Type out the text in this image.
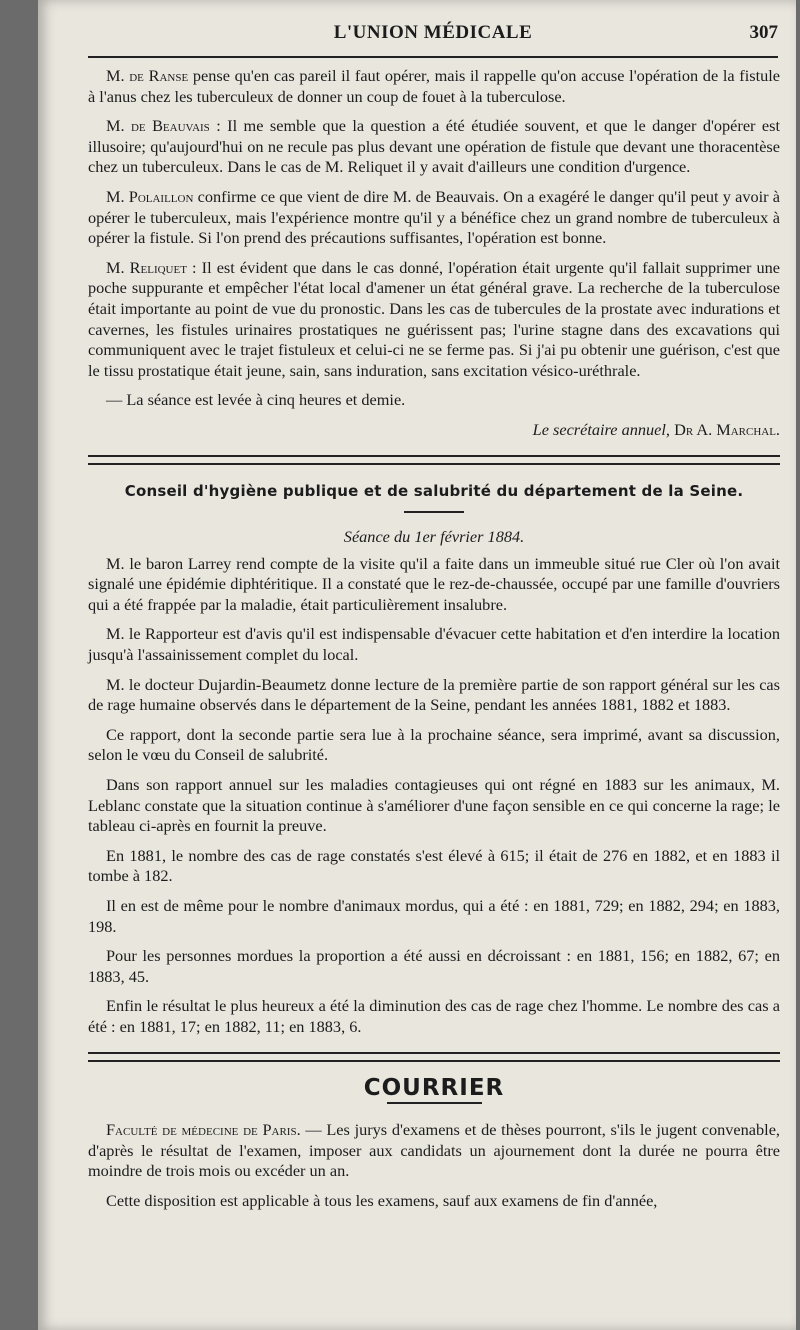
L'UNION MÉDICALE	307

M. de Ranse pense qu'en cas pareil il faut opérer, mais il rappelle qu'on accuse l'opération de la fistule à l'anus chez les tuberculeux de donner un coup de fouet à la tuberculose.

M. de Beauvais : Il me semble que la question a été étudiée souvent, et que le danger d'opérer est illusoire; qu'aujourd'hui on ne recule pas plus devant une opération de fistule que devant une thoracentèse chez un tuberculeux. Dans le cas de M. Reliquet il y avait d'ailleurs une condition d'urgence.

M. Polaillon confirme ce que vient de dire M. de Beauvais. On a exagéré le danger qu'il peut y avoir à opérer le tuberculeux, mais l'expérience montre qu'il y a bénéfice chez un grand nombre de tuberculeux à opérer la fistule. Si l'on prend des précautions suffisantes, l'opération est bonne.

M. Reliquet : Il est évident que dans le cas donné, l'opération était urgente qu'il fallait supprimer une poche suppurante et empêcher l'état local d'amener un état général grave. La recherche de la tuberculose était importante au point de vue du pronostic. Dans les cas de tubercules de la prostate avec indurations et cavernes, les fistules urinaires prostatiques ne guérissent pas; l'urine stagne dans des excavations qui communiquent avec le trajet fistuleux et celui-ci ne se ferme pas. Si j'ai pu obtenir une guérison, c'est que le tissu prostatique était jeune, sain, sans induration, sans excitation vésico-uréthrale.

— La séance est levée à cinq heures et demie.

Le secrétaire annuel, Dr A. Marchal.

Conseil d'hygiène publique et de salubrité du département de la Seine.
Séance du 1er février 1884.

M. le baron Larrey rend compte de la visite qu'il a faite dans un immeuble situé rue Cler où l'on avait signalé une épidémie diphtéritique. Il a constaté que le rez-de-chaussée, occupé par une famille d'ouvriers qui a été frappée par la maladie, était particulièrement insalubre.

M. le Rapporteur est d'avis qu'il est indispensable d'évacuer cette habitation et d'en interdire la location jusqu'à l'assainissement complet du local.

M. le docteur Dujardin-Beaumetz donne lecture de la première partie de son rapport général sur les cas de rage humaine observés dans le département de la Seine, pendant les années 1881, 1882 et 1883.

Ce rapport, dont la seconde partie sera lue à la prochaine séance, sera imprimé, avant sa discussion, selon le vœu du Conseil de salubrité.

Dans son rapport annuel sur les maladies contagieuses qui ont régné en 1883 sur les animaux, M. Leblanc constate que la situation continue à s'améliorer d'une façon sensible en ce qui concerne la rage; le tableau ci-après en fournit la preuve.

En 1881, le nombre des cas de rage constatés s'est élevé à 615; il était de 276 en 1882, et en 1883 il tombe à 182.

Il en est de même pour le nombre d'animaux mordus, qui a été : en 1881, 729; en 1882, 294; en 1883, 198.

Pour les personnes mordues la proportion a été aussi en décroissant : en 1881, 156; en 1882, 67; en 1883, 45.

Enfin le résultat le plus heureux a été la diminution des cas de rage chez l'homme. Le nombre des cas a été : en 1881, 17; en 1882, 11; en 1883, 6.

COURRIER

Faculté de médecine de Paris. — Les jurys d'examens et de thèses pourront, s'ils le jugent convenable, d'après le résultat de l'examen, imposer aux candidats un ajournement dont la durée ne pourra être moindre de trois mois ou excéder un an.

Cette disposition est applicable à tous les examens, sauf aux examens de fin d'année,
